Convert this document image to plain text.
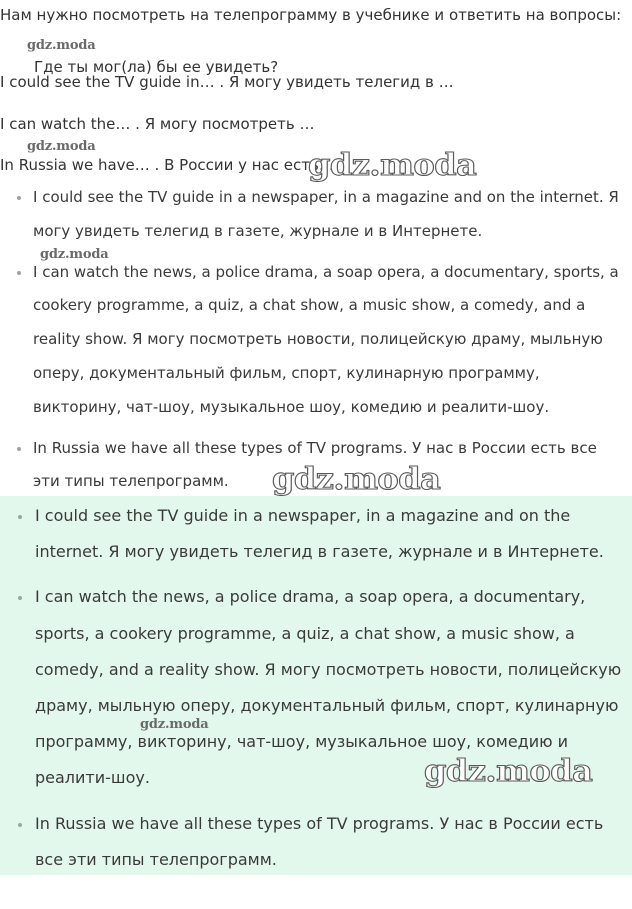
Нам нужно посмотреть на телепрограмму в учебнике и ответить на вопросы:
Где ты мог(ла) бы ее увидеть?
I could see the TV guide in… . Я могу увидеть телегид в …
I can watch the… . Я могу посмотреть …
In Russia we have… . В России у нас есть…
I could see the TV guide in a newspaper, in a magazine and on the internet. Я могу увидеть телегид в газете, журнале и в Интернете.
I can watch the news, a police drama, a soap opera, a documentary, sports, a cookery programme, a quiz, a chat show, a music show, a comedy, and a reality show. Я могу посмотреть новости, полицейскую драму, мыльную оперу, документальный фильм, спорт, кулинарную программу, викторину, чат-шоу, музыкальное шоу, комедию и реалити-шоу.
In Russia we have all these types of TV programs. У нас в России есть все эти типы телепрограмм.
I could see the TV guide in a newspaper, in a magazine and on the internet. Я могу увидеть телегид в газете, журнале и в Интернете.
I can watch the news, a police drama, a soap opera, a documentary, sports, a cookery programme, a quiz, a chat show, a music show, a comedy, and a reality show. Я могу посмотреть новости, полицейскую драму, мыльную оперу, документальный фильм, спорт, кулинарную программу, викторину, чат-шоу, музыкальное шоу, комедию и реалити-шоу.
In Russia we have all these types of TV programs. У нас в России есть все эти типы телепрограмм.
gdz.moda
gdz.moda
gdz.moda
gdz.moda
gdz.moda
gdz.moda
gdz.moda
